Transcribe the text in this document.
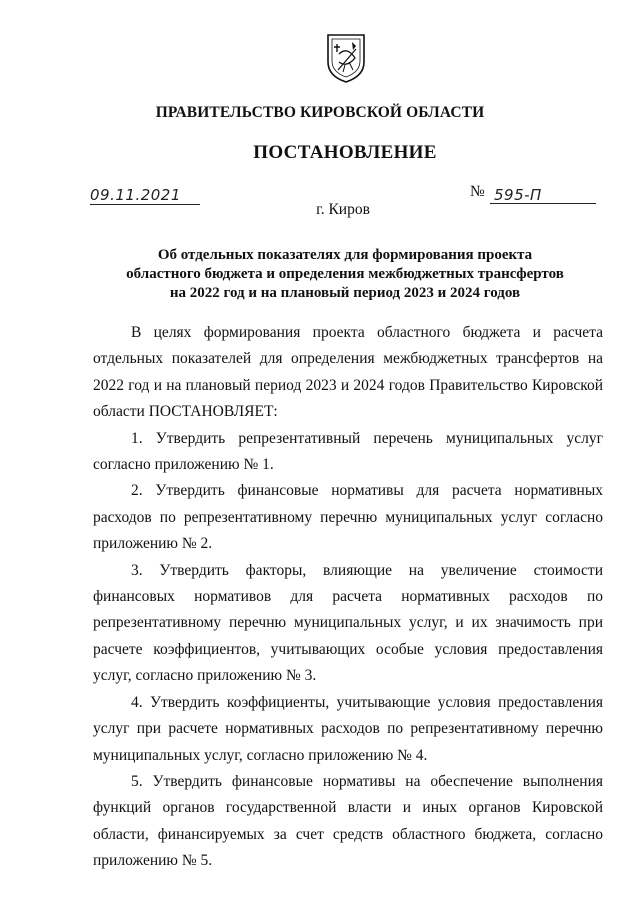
ПРАВИТЕЛЬСТВО КИРОВСКОЙ ОБЛАСТИ
ПОСТАНОВЛЕНИЕ
09.11.2021	№ 595-П
г. Киров
Об отдельных показателях для формирования проекта
областного бюджета и определения межбюджетных трансфертов
на 2022 год и на плановый период 2023 и 2024 годов

В целях формирования проекта областного бюджета и расчета отдельных показателей для определения межбюджетных трансфертов на 2022 год и на плановый период 2023 и 2024 годов Правительство Кировской области ПОСТАНОВЛЯЕТ:

1. Утвердить репрезентативный перечень муниципальных услуг согласно приложению № 1.

2. Утвердить финансовые нормативы для расчета нормативных расходов по репрезентативному перечню муниципальных услуг согласно приложению № 2.

3. Утвердить факторы, влияющие на увеличение стоимости финансовых нормативов для расчета нормативных расходов по репрезентативному перечню муниципальных услуг, и их значимость при расчете коэффициентов, учитывающих особые условия предоставления услуг, согласно приложению № 3.

4. Утвердить коэффициенты, учитывающие условия предоставления услуг при расчете нормативных расходов по репрезентативному перечню муниципальных услуг, согласно приложению № 4.

5. Утвердить финансовые нормативы на обеспечение выполнения функций органов государственной власти и иных органов Кировской области, финансируемых за счет средств областного бюджета, согласно приложению № 5.
